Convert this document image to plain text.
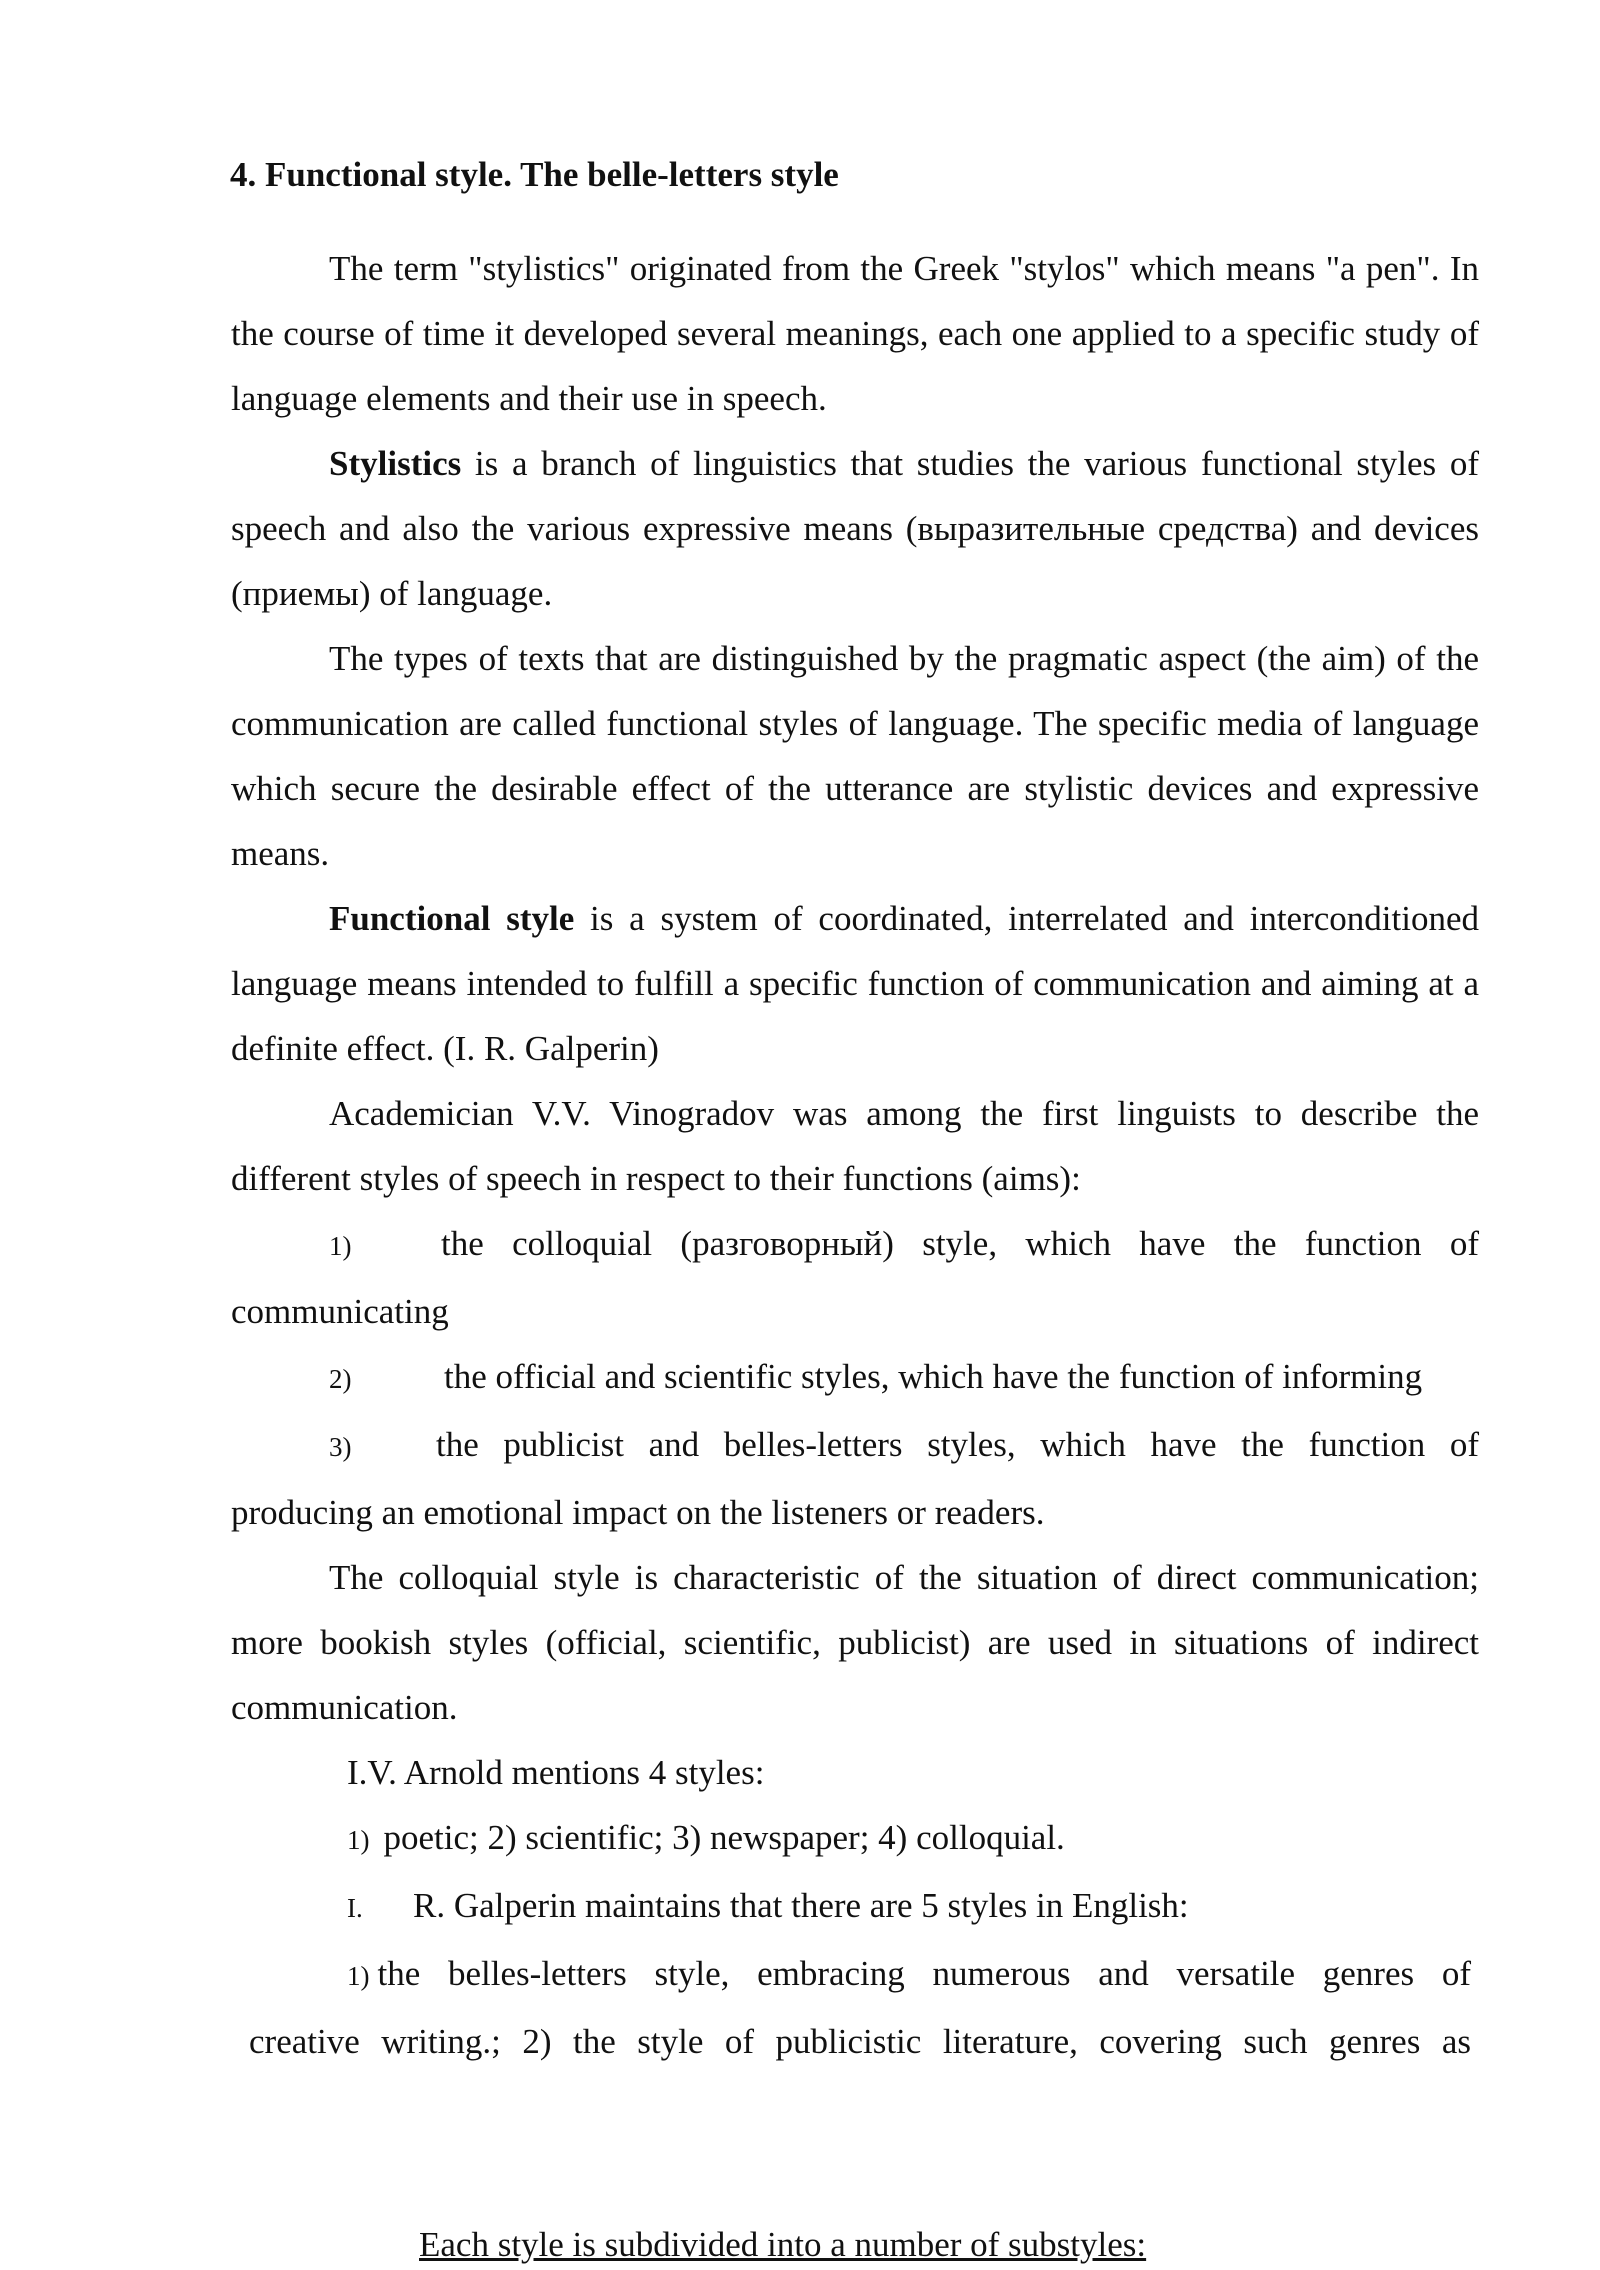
4. Functional style. The belle-letters style

The term "stylistics" originated from the Greek "stylos" which means "a pen". In the course of time it developed several meanings, each one applied to a specific study of language elements and their use in speech.

Stylistics is a branch of linguistics that studies the various functional styles of speech and also the various expressive means (выразительные средства) and devices (приемы) of language.

The types of texts that are distinguished by the pragmatic aspect (the aim) of the communication are called functional styles of language. The specific media of language which secure the desirable effect of the utterance are stylistic devices and expressive means.

Functional style is a system of coordinated, interrelated and interconditioned language means intended to fulfill a specific function of communication and aiming at a definite effect. (I. R. Galperin)

Academician V.V. Vinogradov was among the first linguists to describe the different styles of speech in respect to their functions (aims):

1)	the colloquial (разговорный) style, which have the function of communicating

2)	the official and scientific styles, which have the function of informing

3) the publicist and belles-letters styles, which have the function of producing an emotional impact on the listeners or readers.

The colloquial style is characteristic of the situation of direct communication; more bookish styles (official, scientific, publicist) are used in situations of indirect communication.

I.V. Arnold mentions 4 styles:

1) poetic; 2) scientific; 3) newspaper; 4) colloquial.

I. R. Galperin maintains that there are 5 styles in English:

1) the belles-letters style, embracing numerous and versatile genres of

creative writing.; 2) the style of publicistic literature, covering such genres as

Each style is subdivided into a number of substyles:
